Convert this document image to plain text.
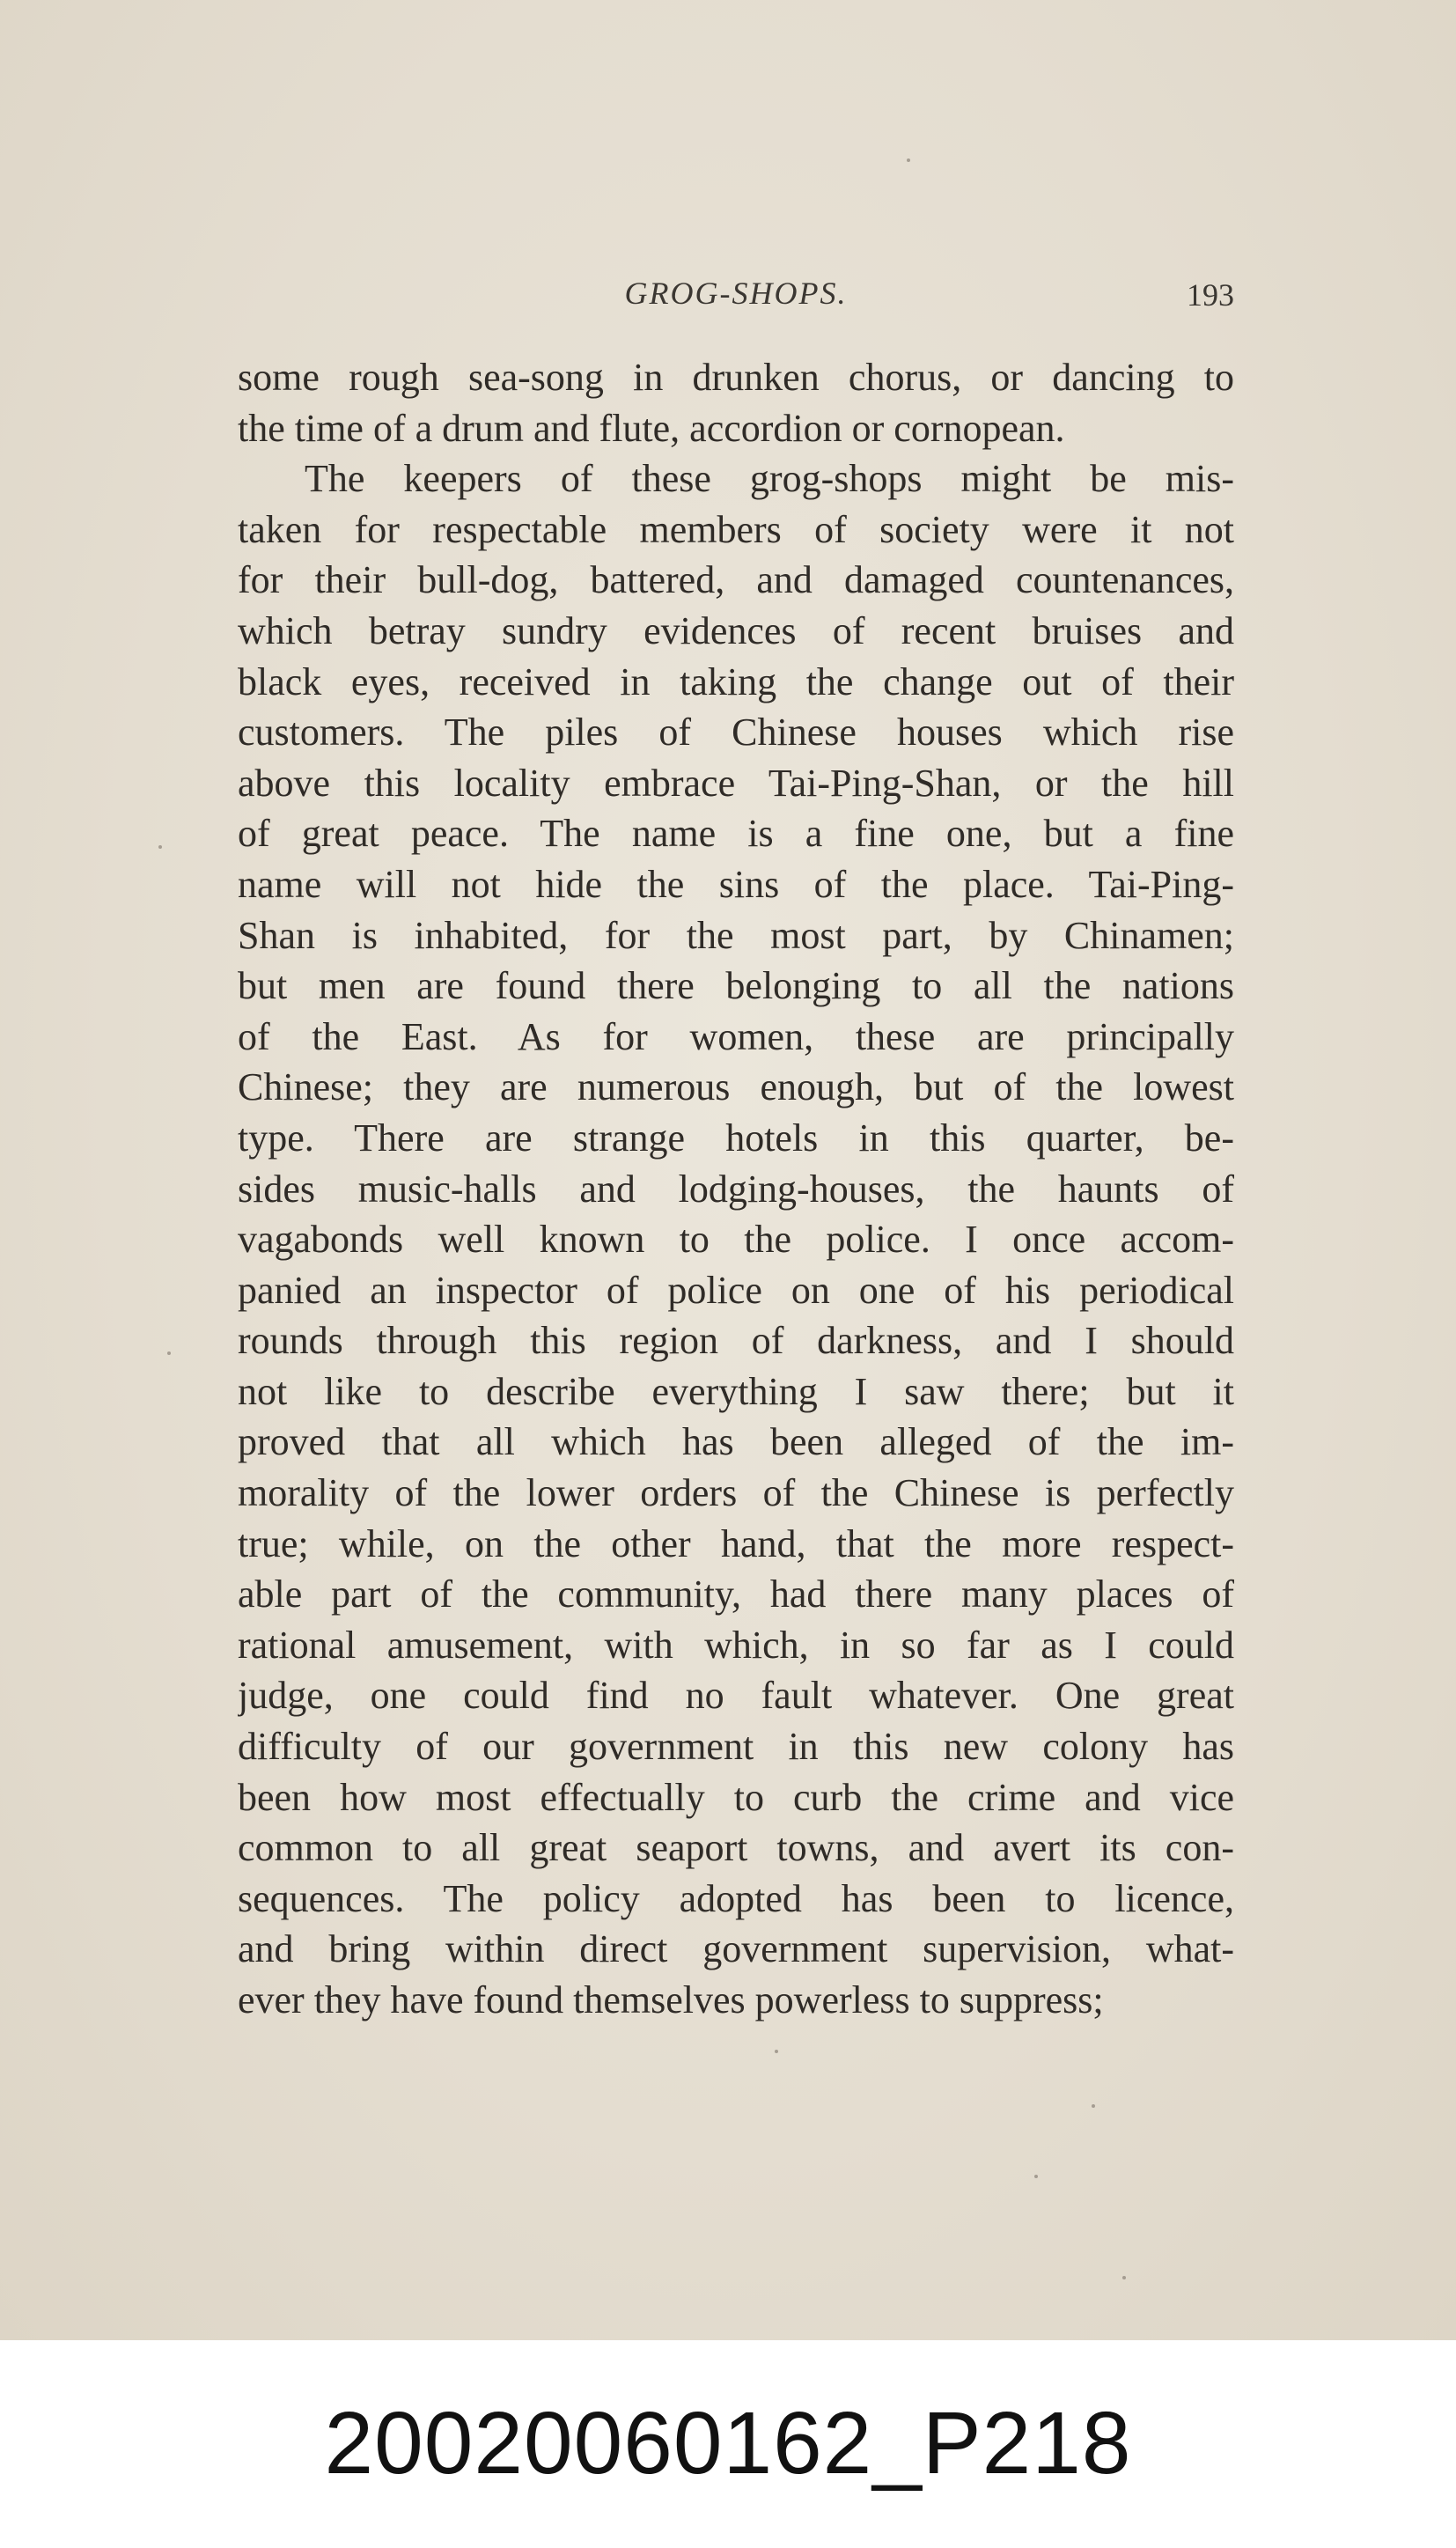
GROG-SHOPS.	193
some rough sea-song in drunken chorus, or dancing to
the time of a drum and flute, accordion or cornopean.
The keepers of these grog-shops might be mis-
taken for respectable members of society were it not
for their bull-dog, battered, and damaged countenances,
which betray sundry evidences of recent bruises and
black eyes, received in taking the change out of their
customers. The piles of Chinese houses which rise
above this locality embrace Tai-Ping-Shan, or the hill
of great peace. The name is a fine one, but a fine
name will not hide the sins of the place. Tai-Ping-
Shan is inhabited, for the most part, by Chinamen;
but men are found there belonging to all the nations
of the East. As for women, these are principally
Chinese; they are numerous enough, but of the lowest
type. There are strange hotels in this quarter, be-
sides music-halls and lodging-houses, the haunts of
vagabonds well known to the police. I once accom-
panied an inspector of police on one of his periodical
rounds through this region of darkness, and I should
not like to describe everything I saw there; but it
proved that all which has been alleged of the im-
morality of the lower orders of the Chinese is perfectly
true; while, on the other hand, that the more respect-
able part of the community, had there many places of
rational amusement, with which, in so far as I could
judge, one could find no fault whatever. One great
difficulty of our government in this new colony has
been how most effectually to curb the crime and vice
common to all great seaport towns, and avert its con-
sequences. The policy adopted has been to licence,
and bring within direct government supervision, what-
ever they have found themselves powerless to suppress;
20020060162_P218
